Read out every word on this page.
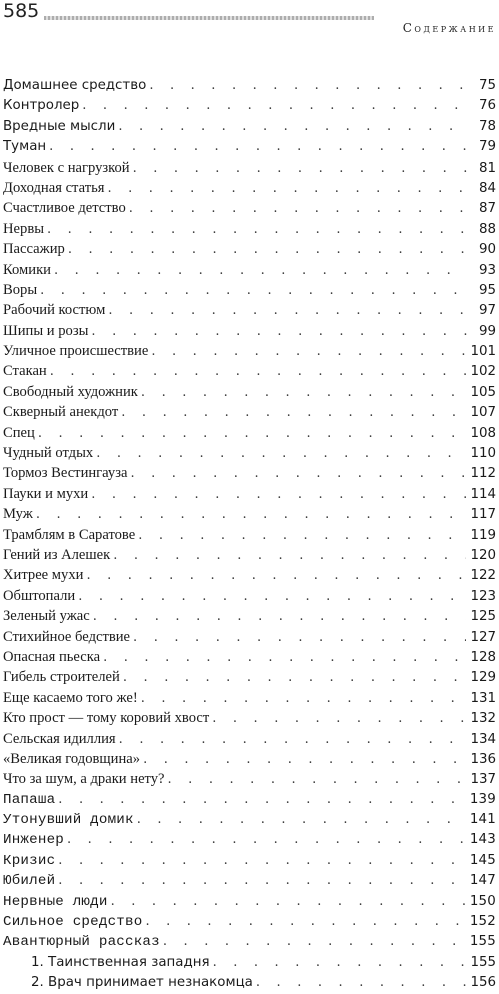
585
Содержание
Домашнее средство . . .	75
Контролер . . .	76
Вредные мысли . . .	78
Туман . . .	79
Человек с нагрузкой . . .	81
Доходная статья . . .	84
Счастливое детство . . .	87
Нервы . . .	88
Пассажир . . .	90
Комики . . .	93
Воры . . .	95
Рабочий костюм . . .	97
Шипы и розы . . .	99
Уличное происшествие . . .	101
Стакан . . .	102
Свободный художник . . .	105
Скверный анекдот . . .	107
Спец . . .	108
Чудный отдых . . .	110
Тормоз Вестингауза . . .	112
Пауки и мухи . . .	114
Муж . . .	117
Трамблям в Саратове . . .	119
Гений из Алешек . . .	120
Хитрее мухи . . .	122
Обштопали . . .	123
Зеленый ужас . . .	125
Стихийное бедствие . . .	127
Опасная пьеска . . .	128
Гибель строителей . . .	129
Еще касаемо того же! . . .	131
Кто прост — тому коровий хвост . . .	132
Сельская идиллия . . .	134
«Великая годовщина» . . .	136
Что за шум, а драки нету? . . .	137
Папаша . . .	139
Утонувший домик . . .	141
Инженер . . .	143
Кризис . . .	145
Юбилей . . .	147
Нервные люди . . .	150
Сильное средство . . .	152
Авантюрный рассказ . . .	155
1. Таинственная западня . . .	155
2. Врач принимает незнакомца . . .	156
